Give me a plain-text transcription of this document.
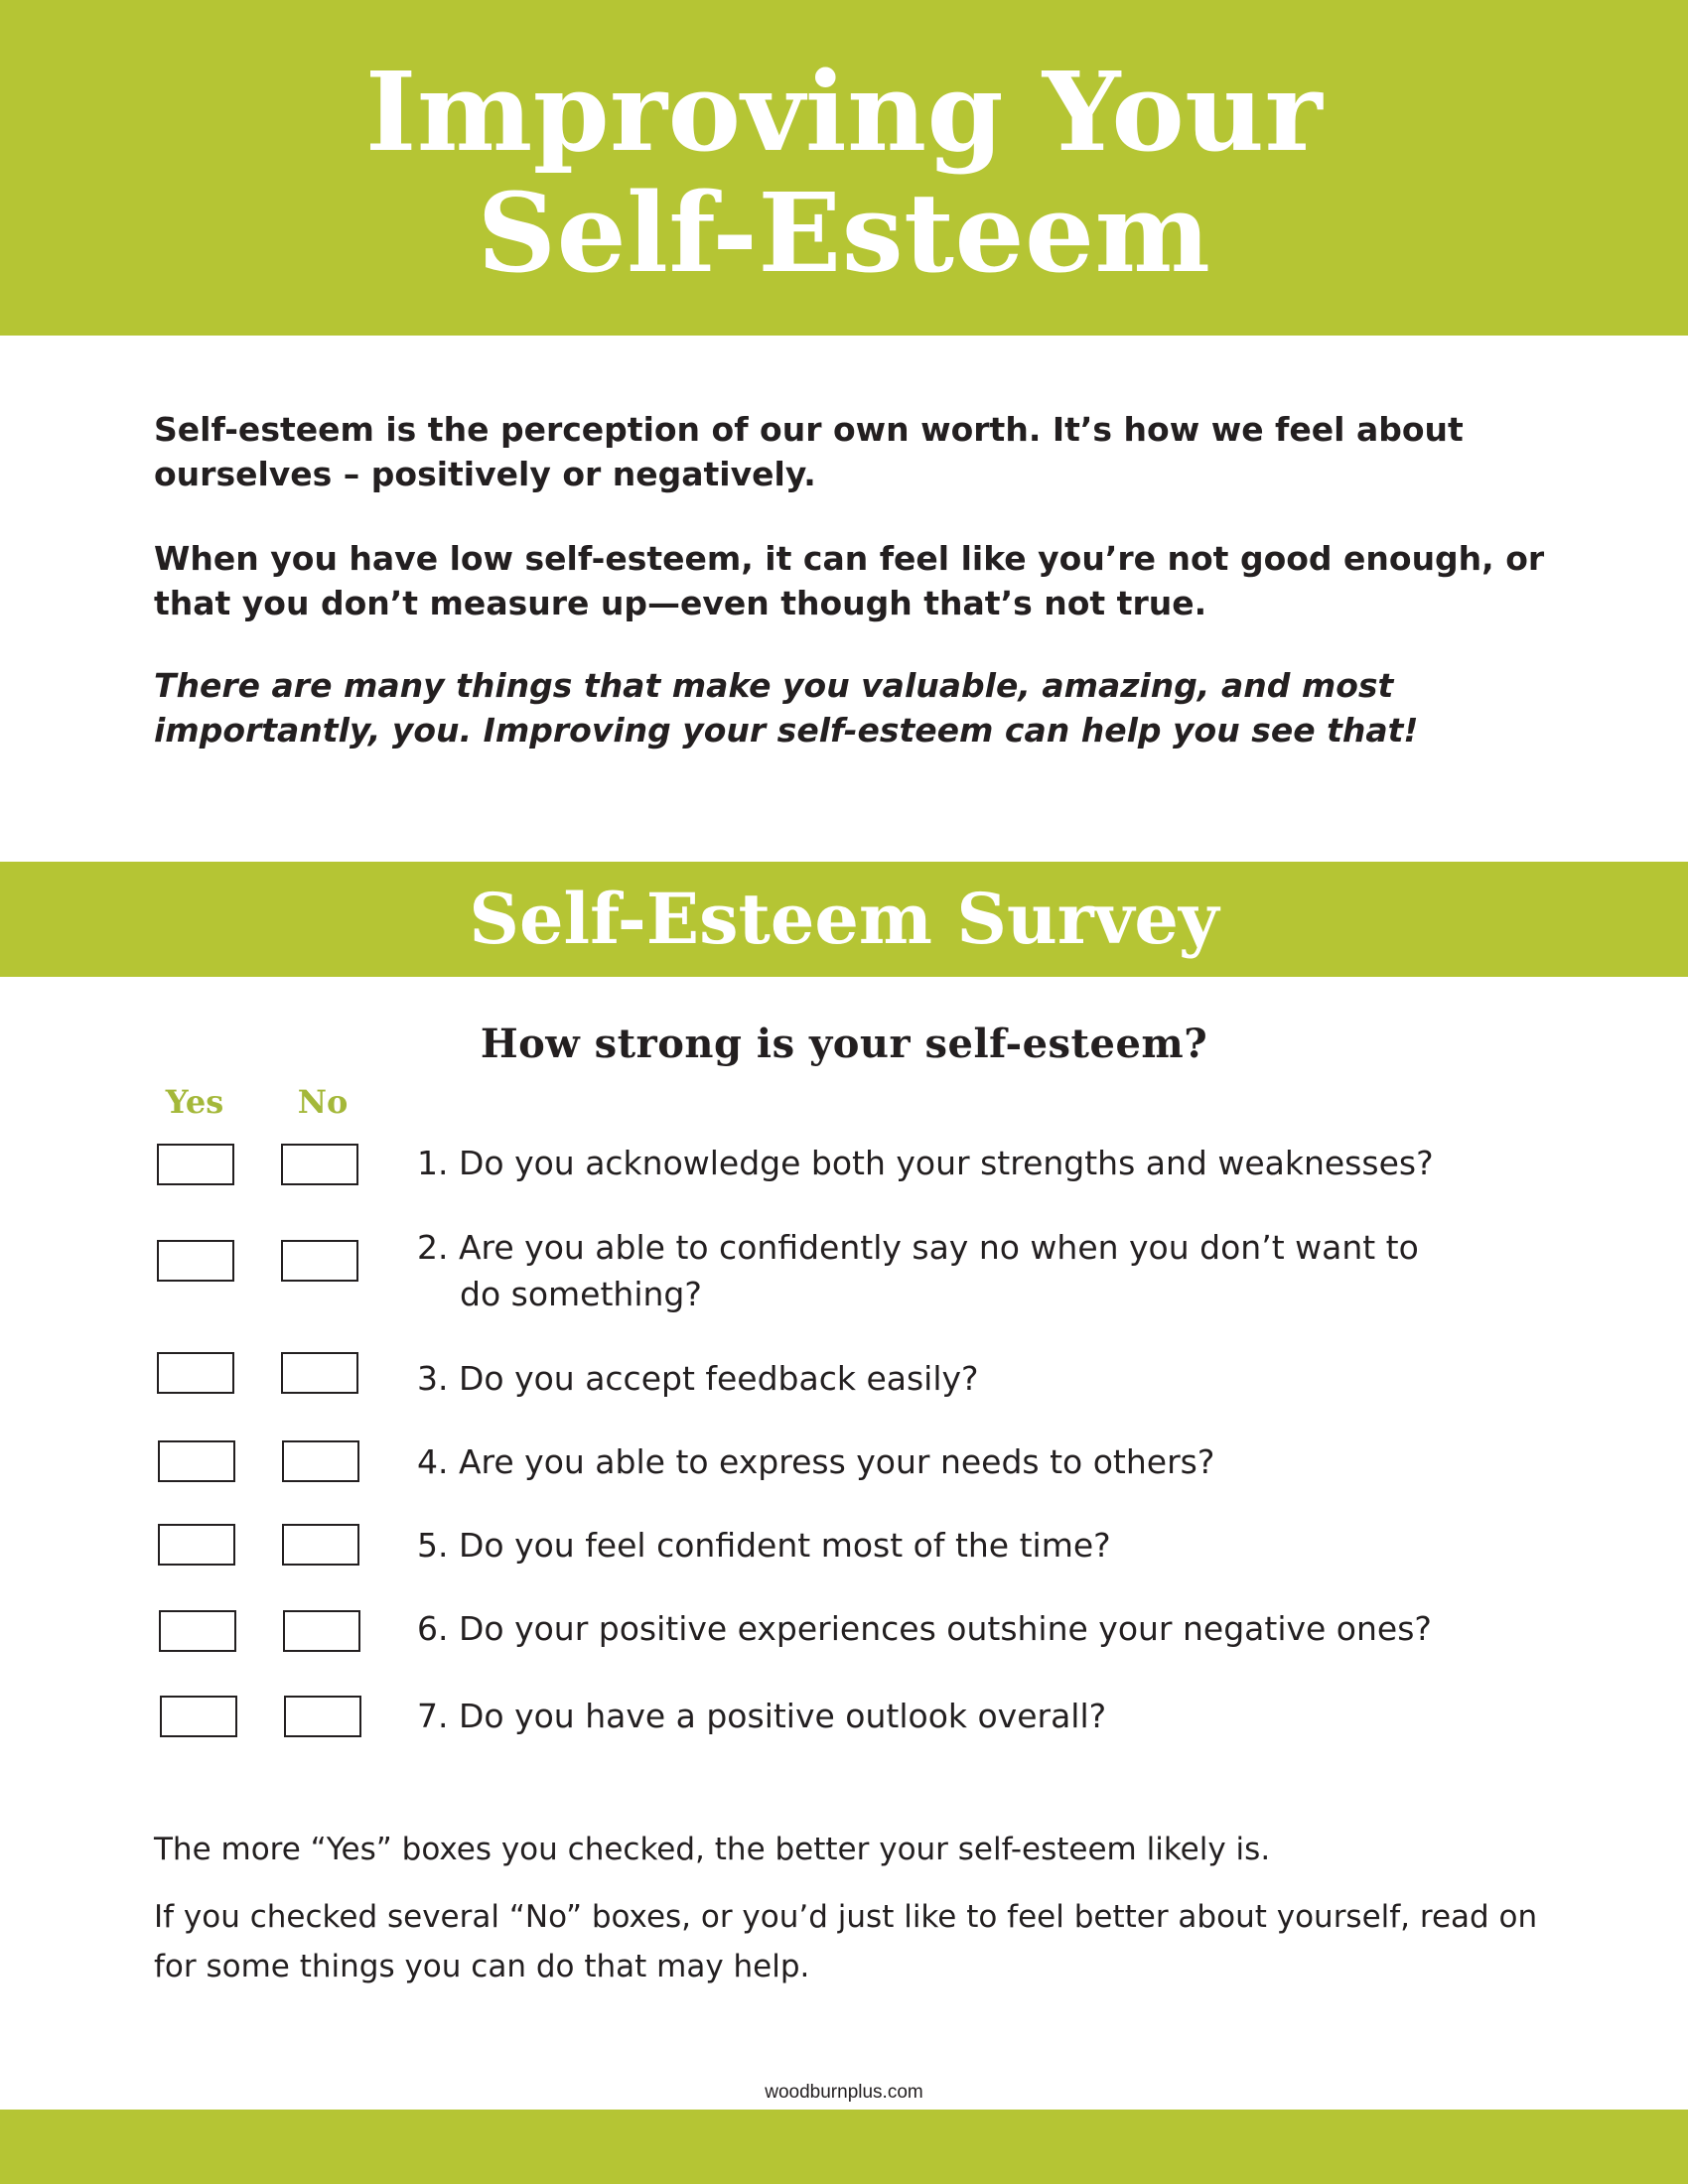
Improving Your
Self-Esteem

Self-esteem is the perception of our own worth. It’s how we feel about ourselves – positively or negatively.

When you have low self-esteem, it can feel like you’re not good enough, or that you don’t measure up—even though that’s not true.

There are many things that make you valuable, amazing, and most importantly, you. Improving your self-esteem can help you see that!

Self-Esteem Survey
How strong is your self-esteem?
Yes	No
1. Do you acknowledge both your strengths and weaknesses?
2. Are you able to confidently say no when you don’t want to
do something?
3. Do you accept feedback easily?
4. Are you able to express your needs to others?
5. Do you feel confident most of the time?
6. Do your positive experiences outshine your negative ones?
7. Do you have a positive outlook overall?

The more “Yes” boxes you checked, the better your self-esteem likely is.

If you checked several “No” boxes, or you’d just like to feel better about yourself, read on for some things you can do that may help.

woodburnplus.com
